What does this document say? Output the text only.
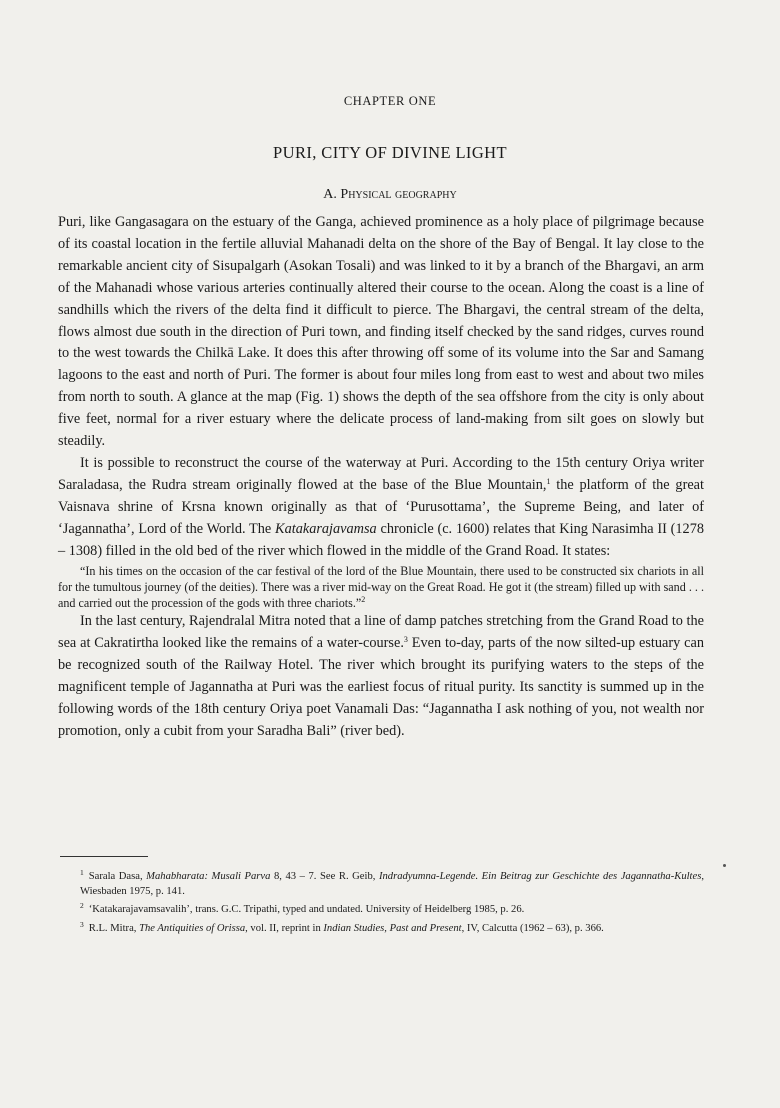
CHAPTER ONE
PURI, CITY OF DIVINE LIGHT
A. Physical geography

Puri, like Gangasagara on the estuary of the Ganga, achieved prominence as a holy place of pilgrimage because of its coastal location in the fertile alluvial Mahanadi delta on the shore of the Bay of Bengal. It lay close to the remarkable ancient city of Sisupalgarh (Asokan Tosali) and was linked to it by a branch of the Bhargavi, an arm of the Mahanadi whose various arteries continually altered their course to the ocean. Along the coast is a line of sandhills which the rivers of the delta find it difficult to pierce. The Bhargavi, the central stream of the delta, flows almost due south in the direction of Puri town, and finding itself checked by the sand ridges, curves round to the west towards the Chilkā Lake. It does this after throwing off some of its volume into the Sar and Samang lagoons to the east and north of Puri. The former is about four miles long from east to west and about two miles from north to south. A glance at the map (Fig. 1) shows the depth of the sea offshore from the city is only about five feet, normal for a river estuary where the delicate process of land-making from silt goes on slowly but steadily.

It is possible to reconstruct the course of the waterway at Puri. According to the 15th century Oriya writer Saraladasa, the Rudra stream originally flowed at the base of the Blue Mountain,$^1$ the platform of the great Vaisnava shrine of Krsna known originally as that of ‘Purusottama’, the Supreme Being, and later of ‘Jagannatha’, Lord of the World. The Katakarajavamsa chronicle (c. 1600) relates that King Narasimha II (1278 – 1308) filled in the old bed of the river which flowed in the middle of the Grand Road. It states:

“In his times on the occasion of the car festival of the lord of the Blue Mountain, there used to be constructed six chariots in all for the tumultous journey (of the deities). There was a river mid-way on the Great Road. He got it (the stream) filled up with sand . . . and carried out the procession of the gods with three chariots.”$^2$

In the last century, Rajendralal Mitra noted that a line of damp patches stretching from the Grand Road to the sea at Cakratirtha looked like the remains of a water-course.$^3$ Even to-day, parts of the now silted-up estuary can be recognized south of the Railway Hotel. The river which brought its purifying waters to the steps of the magnificent temple of Jagannatha at Puri was the earliest focus of ritual purity. Its sanctity is summed up in the following words of the 18th century Oriya poet Vanamali Das: “Jagannatha I ask nothing of you, not wealth nor promotion, only a cubit from your Saradha Bali” (river bed).

$^1$ Sarala Dasa, Mahabharata: Musali Parva 8, 43 – 7. See R. Geib, Indradyumna-Legende. Ein Beitrag zur Geschichte des Jagannatha-Kultes, Wiesbaden 1975, p. 141.

$^2$ ‘Katakarajavamsavalih’, trans. G.C. Tripathi, typed and undated. University of Heidelberg 1985, p. 26.

$^3$ R.L. Mitra, The Antiquities of Orissa, vol. II, reprint in Indian Studies, Past and Present, IV, Calcutta (1962 – 63), p. 366.
